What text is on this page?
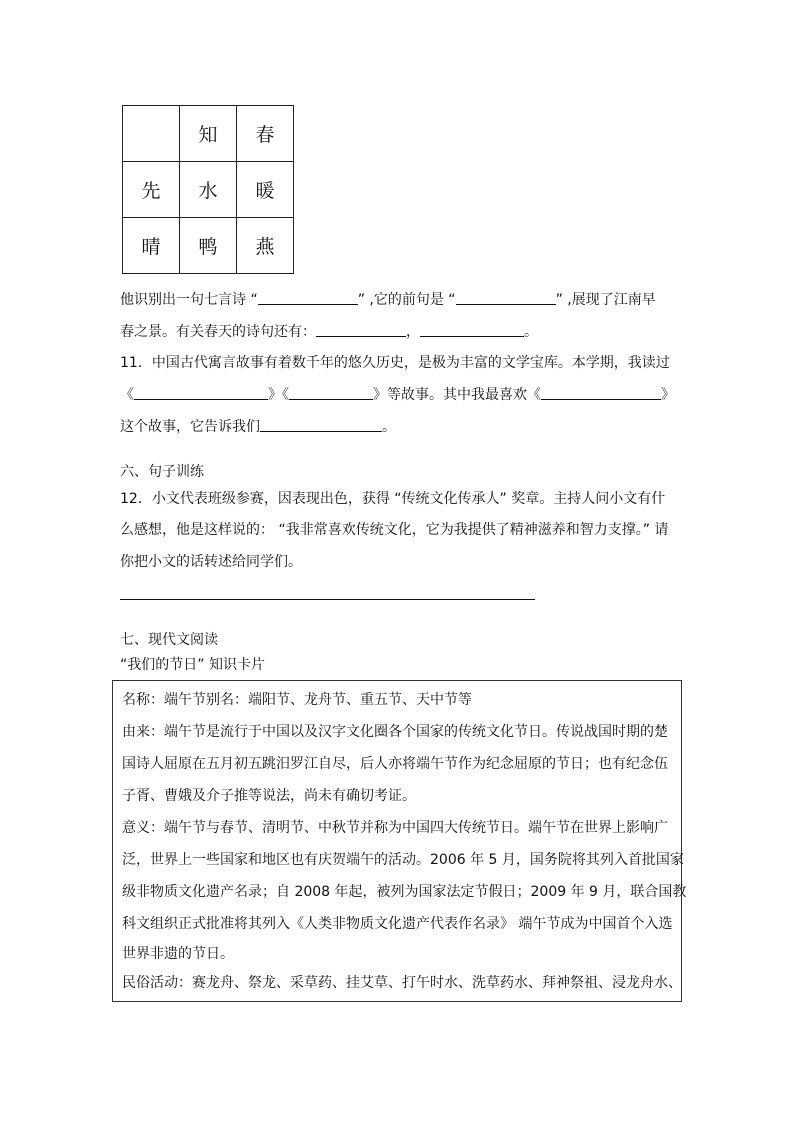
	知	春
先	水	暖
晴	鸭	燕
他识别出一句七言诗 “	” ,它的前句是 “	” ,展现了江南早
春之景。有关春天的诗句还有：	，	。
11．中国古代寓言故事有着数千年的悠久历史，是极为丰富的文学宝库。本学期，我读过
《	》《	》等故事。其中我最喜欢《	》
这个故事，它告诉我们	。
六、句子训练
12．小文代表班级参赛，因表现出色，获得 “传统文化传承人” 奖章。主持人问小文有什
么感想，他是这样说的： “我非常喜欢传统文化，它为我提供了精神滋养和智力支撑。” 请
你把小文的话转述给同学们。
七、现代文阅读
“我们的节日” 知识卡片
名称：端午节别名：端阳节、龙舟节、重五节、天中节等
由来：端午节是流行于中国以及汉字文化圈各个国家的传统文化节日。传说战国时期的楚
国诗人屈原在五月初五跳汨罗江自尽，后人亦将端午节作为纪念屈原的节日；也有纪念伍
子胥、曹娥及介子推等说法，尚未有确切考证。
意义：端午节与春节、清明节、中秋节并称为中国四大传统节日。端午节在世界上影响广
泛，世界上一些国家和地区也有庆贺端午的活动。2006 年 5 月，国务院将其列入首批国家
级非物质文化遗产名录；自 2008 年起，被列为国家法定节假日；2009 年 9 月，联合国教
科文组织正式批准将其列入《人类非物质文化遗产代表作名录》 端午节成为中国首个入选
世界非遗的节日。
民俗活动：赛龙舟、祭龙、采草药、挂艾草、打午时水、洗草药水、拜神祭祖、浸龙舟水、
